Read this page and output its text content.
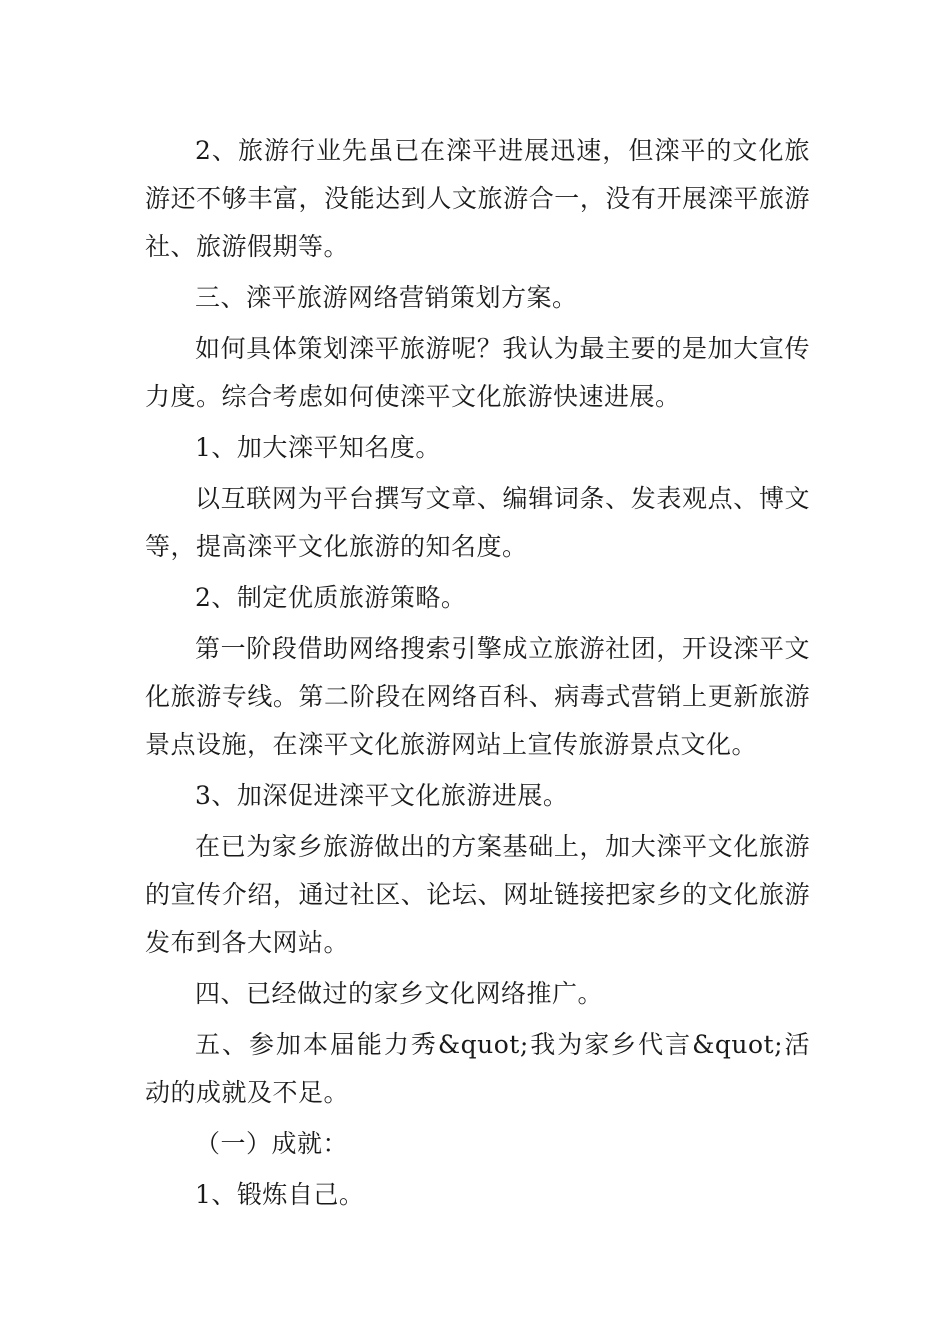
2、旅游行业先虽已在滦平进展迅速，但滦平的文化旅游还不够丰富，没能达到人文旅游合一，没有开展滦平旅游社、旅游假期等。

三、滦平旅游网络营销策划方案。

如何具体策划滦平旅游呢？我认为最主要的是加大宣传力度。综合考虑如何使滦平文化旅游快速进展。

1、加大滦平知名度。

以互联网为平台撰写文章、编辑词条、发表观点、博文等，提高滦平文化旅游的知名度。

2、制定优质旅游策略。

第一阶段借助网络搜索引擎成立旅游社团，开设滦平文化旅游专线。第二阶段在网络百科、病毒式营销上更新旅游景点设施，在滦平文化旅游网站上宣传旅游景点文化。

3、加深促进滦平文化旅游进展。

在已为家乡旅游做出的方案基础上，加大滦平文化旅游的宣传介绍，通过社区、论坛、网址链接把家乡的文化旅游发布到各大网站。

四、已经做过的家乡文化网络推广。

五、参加本届能力秀&quot;我为家乡代言&quot;活动的成就及不足。

（一）成就：

1、锻炼自己。
